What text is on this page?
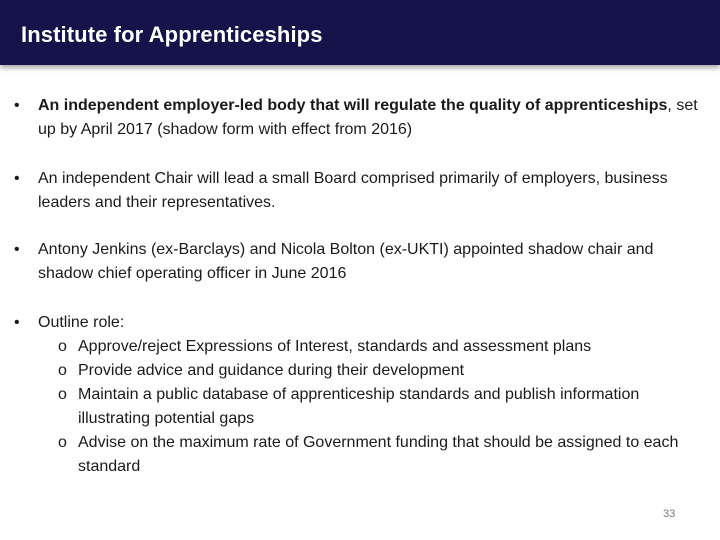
Institute for Apprenticeships
•	An independent employer-led body that will regulate the quality of apprenticeships, set up by April 2017 (shadow form with effect from 2016)
•	An independent Chair will lead a small Board comprised primarily of employers, business leaders and their representatives.
•	Antony Jenkins (ex-Barclays) and Nicola Bolton (ex-UKTI) appointed shadow chair and shadow chief operating officer in June 2016
•	Outline role:
o Approve/reject Expressions of Interest, standards and assessment plans
o Provide advice and guidance during their development
o Maintain a public database of apprenticeship standards and publish information illustrating potential gaps
o Advise on the maximum rate of Government funding that should be assigned to each standard
33
